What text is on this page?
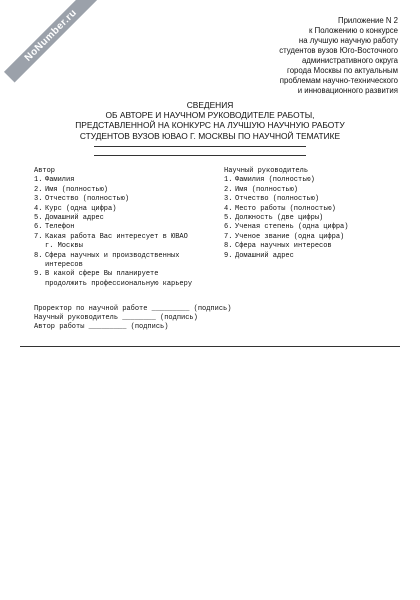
NoNumber.ru	Приложение N 2
к Положению о конкурсе
на лучшую научную работу
студентов вузов Юго-Восточного
административного округа
города Москвы по актуальным
проблемам научно-технического
и инновационного развития
СВЕДЕНИЯ
ОБ АВТОРЕ И НАУЧНОМ РУКОВОДИТЕЛЕ РАБОТЫ,
ПРЕДСТАВЛЕННОЙ НА КОНКУРС НА ЛУЧШУЮ НАУЧНУЮ РАБОТУ
СТУДЕНТОВ ВУЗОВ ЮВАО Г. МОСКВЫ ПО НАУЧНОЙ ТЕМАТИКЕ
Автор
1. Фамилия
2. Имя (полностью)
3. Отчество (полностью)
4. Курс (одна цифра)
5. Домашний адрес
6. Телефон
7. Какая работа Вас интересует в ЮВАО г. Москвы
8. Сфера научных и производственных интересов
9. В какой сфере Вы планируете продолжить профессиональную карьеру
Научный руководитель
1. Фамилия (полностью)
2. Имя (полностью)
3. Отчество (полностью)
4. Место работы (полностью)
5. Должность (две цифры)
6. Ученая степень (одна цифра)
7. Ученое звание (одна цифра)
8. Сфера научных интересов
9. Домашний адрес
Проректор по научной работе _________ (подпись)
Научный руководитель ________ (подпись)
Автор работы _________ (подпись)
